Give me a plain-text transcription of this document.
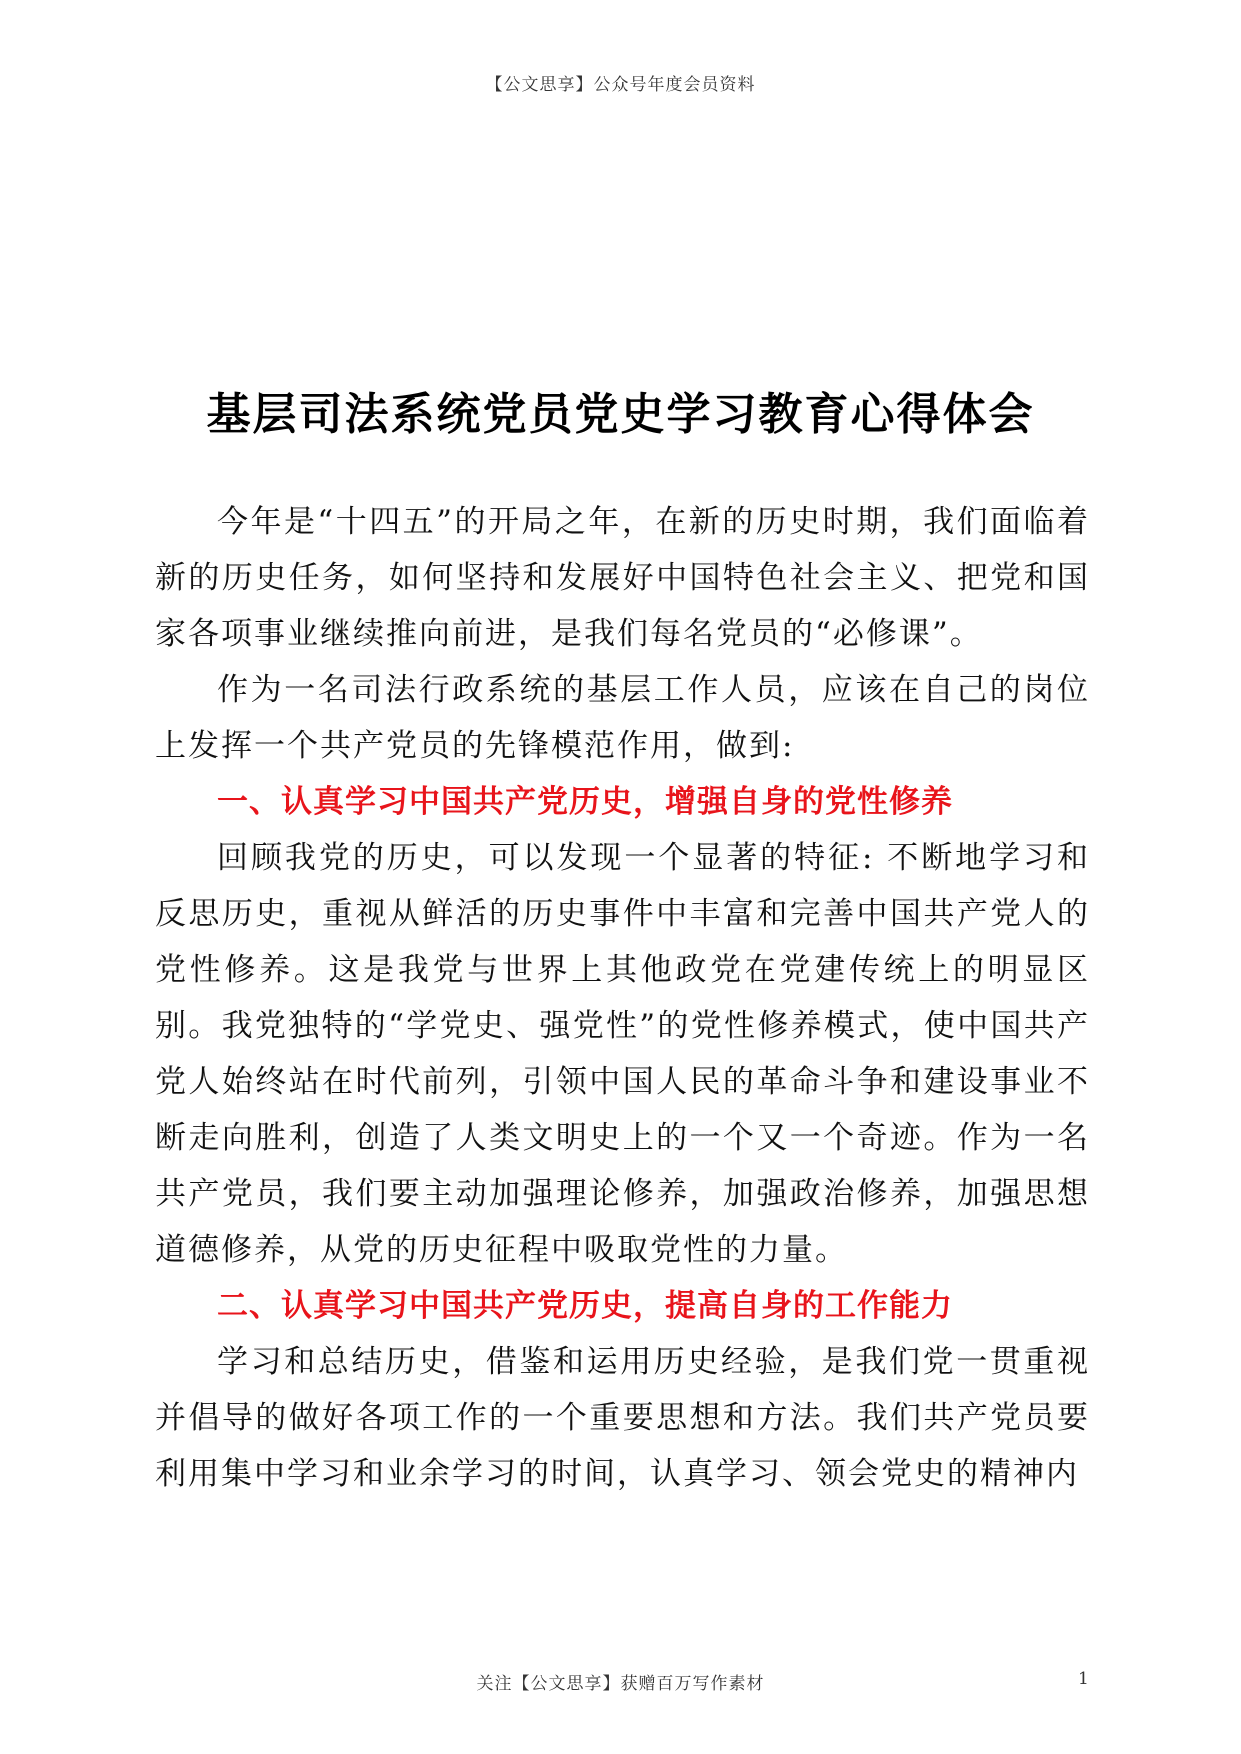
【公文思享】公众号年度会员资料
基层司法系统党员党史学习教育心得体会

今年是“十四五”的开局之年，在新的历史时期，我们面临着新的历史任务，如何坚持和发展好中国特色社会主义、把党和国家各项事业继续推向前进，是我们每名党员的“必修课”。

作为一名司法行政系统的基层工作人员，应该在自己的岗位上发挥一个共产党员的先锋模范作用，做到:

一、认真学习中国共产党历史，增强自身的党性修养

回顾我党的历史，可以发现一个显著的特征: 不断地学习和反思历史，重视从鲜活的历史事件中丰富和完善中国共产党人的党性修养。这是我党与世界上其他政党在党建传统上的明显区别。我党独特的“学党史、强党性”的党性修养模式，使中国共产党人始终站在时代前列，引领中国人民的革命斗争和建设事业不断走向胜利，创造了人类文明史上的一个又一个奇迹。作为一名共产党员，我们要主动加强理论修养，加强政治修养，加强思想道德修养，从党的历史征程中吸取党性的力量。

二、认真学习中国共产党历史，提高自身的工作能力

学习和总结历史，借鉴和运用历史经验，是我们党一贯重视并倡导的做好各项工作的一个重要思想和方法。我们共产党员要利用集中学习和业余学习的时间，认真学习、领会党史的精神内

关注【公文思享】获赠百万写作素材	1
